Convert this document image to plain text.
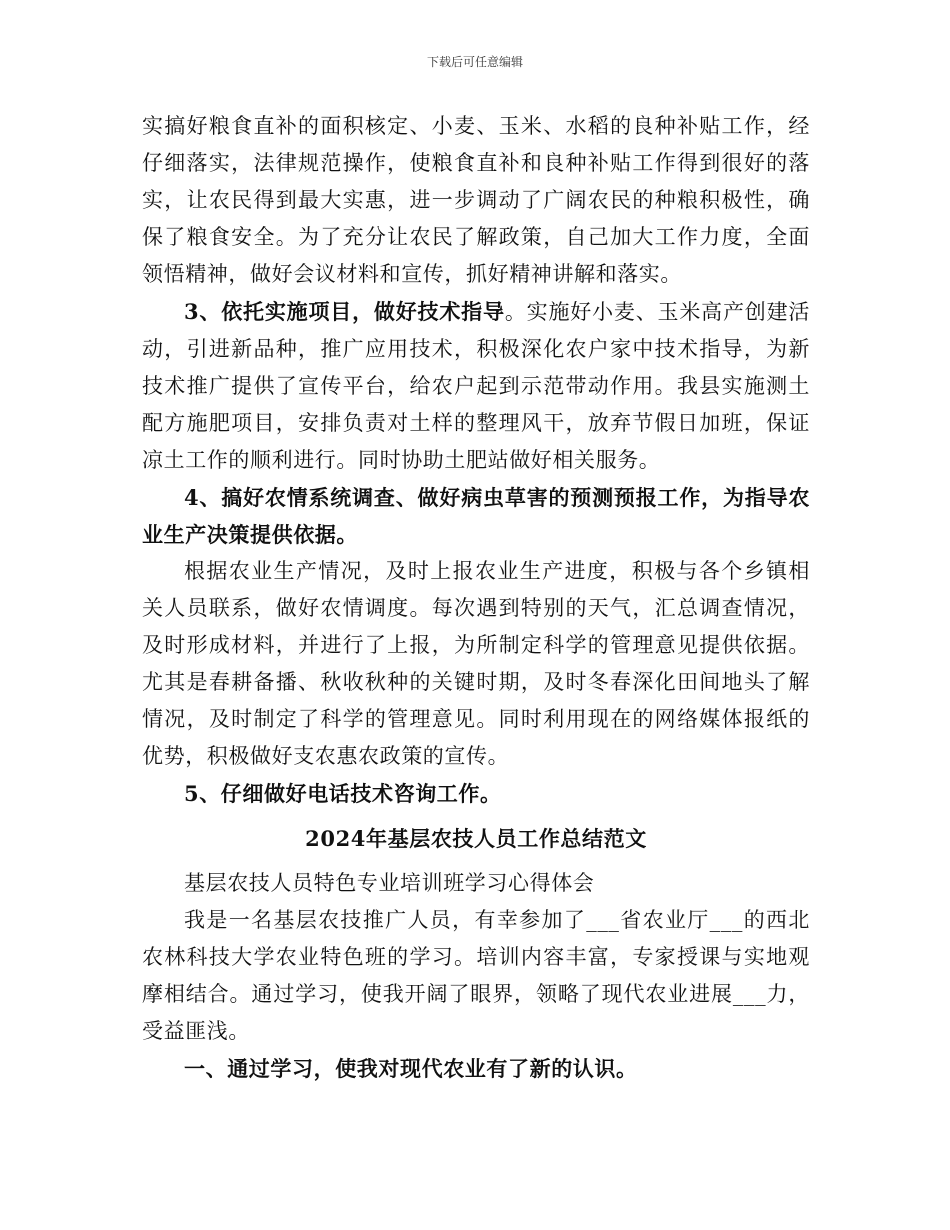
下载后可任意编辑

实搞好粮食直补的面积核定、小麦、玉米、水稻的良种补贴工作，经仔细落实，法律规范操作，使粮食直补和良种补贴工作得到很好的落实，让农民得到最大实惠，进一步调动了广阔农民的种粮积极性，确保了粮食安全。为了充分让农民了解政策，自己加大工作力度，全面领悟精神，做好会议材料和宣传，抓好精神讲解和落实。

3、依托实施项目，做好技术指导。实施好小麦、玉米高产创建活动，引进新品种，推广应用技术，积极深化农户家中技术指导，为新技术推广提供了宣传平台，给农户起到示范带动作用。我县实施测土配方施肥项目，安排负责对土样的整理风干，放弃节假日加班，保证凉土工作的顺利进行。同时协助土肥站做好相关服务。

4、搞好农情系统调查、做好病虫草害的预测预报工作，为指导农业生产决策提供依据。

根据农业生产情况，及时上报农业生产进度，积极与各个乡镇相关人员联系，做好农情调度。每次遇到特别的天气，汇总调查情况，及时形成材料，并进行了上报，为所制定科学的管理意见提供依据。尤其是春耕备播、秋收秋种的关键时期，及时冬春深化田间地头了解情况，及时制定了科学的管理意见。同时利用现在的网络媒体报纸的优势，积极做好支农惠农政策的宣传。

5、仔细做好电话技术咨询工作。

2024年基层农技人员工作总结范文

基层农技人员特色专业培训班学习心得体会

我是一名基层农技推广人员，有幸参加了___省农业厅___的西北农林科技大学农业特色班的学习。培训内容丰富，专家授课与实地观摩相结合。通过学习，使我开阔了眼界，领略了现代农业进展___力，受益匪浅。

一、通过学习，使我对现代农业有了新的认识。
